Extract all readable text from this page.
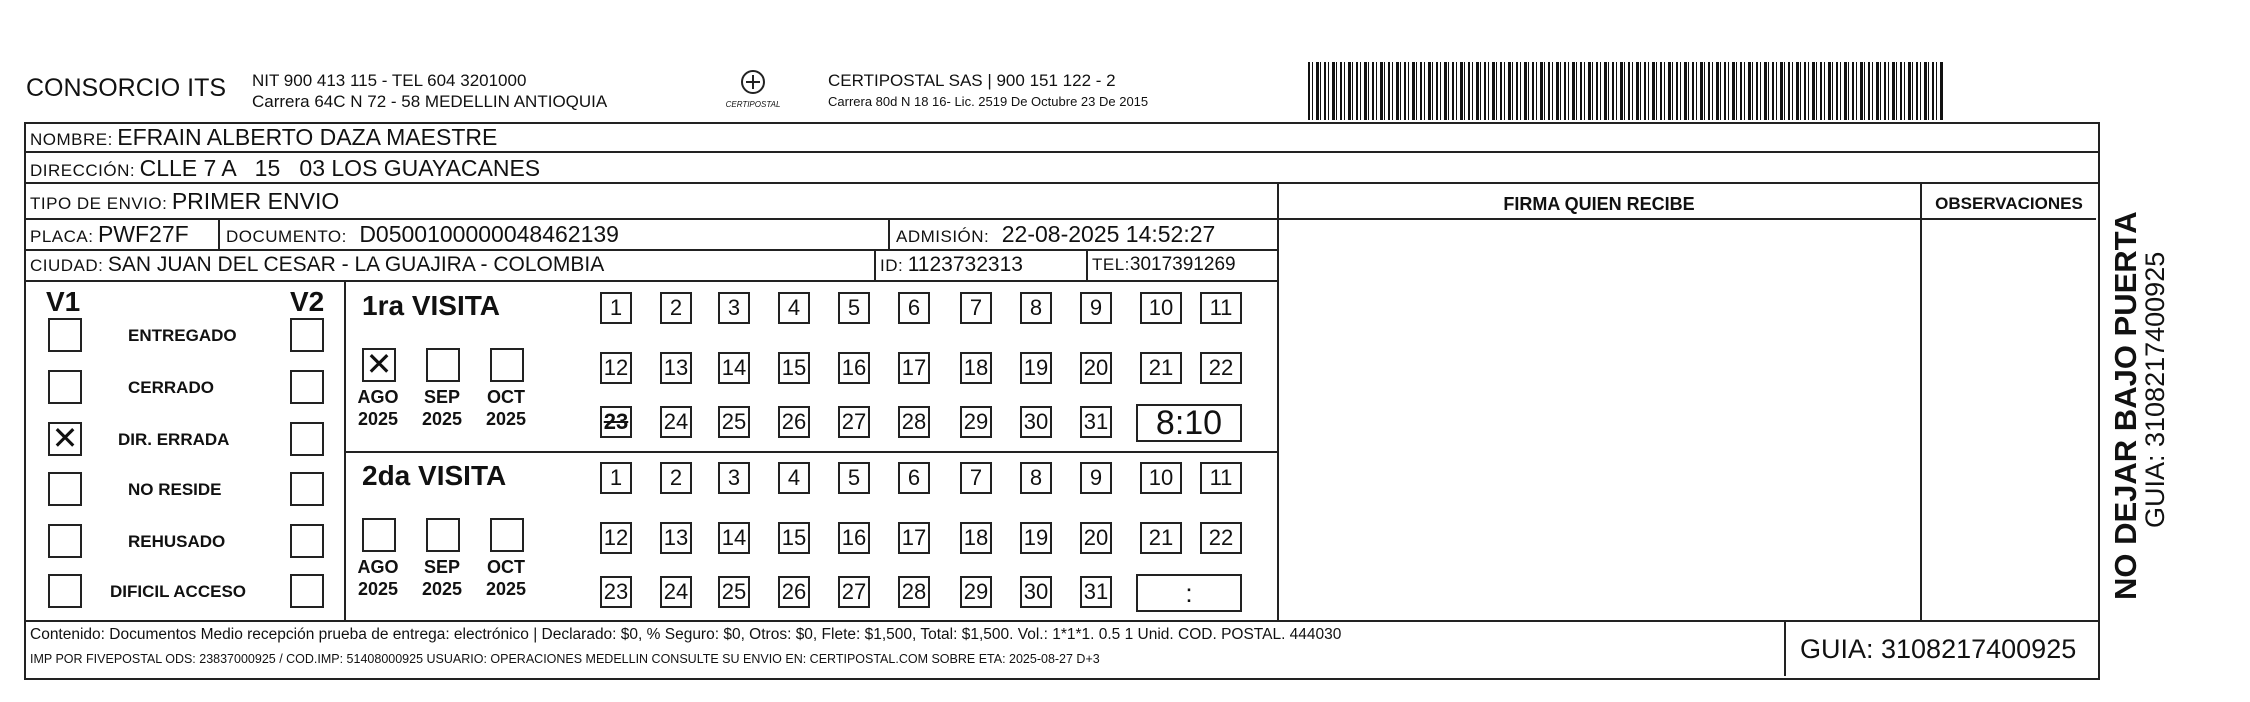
CONSORCIO ITS NIT 900 413 115 - TEL 604 3201000
Carrera 64C N 72 - 58 MEDELLIN ANTIOQUIA	CERTIPOSTAL
CERTIPOSTAL SAS | 900 151 122 - 2
Carrera 80d N 18 16- Lic. 2519 De Octubre 23 De 2015
NOMBRE: EFRAIN ALBERTO DAZA MAESTRE
DIRECCIÓN: CLLE 7 A   15   03 LOS GUAYACANES
TIPO DE ENVIO: PRIMER ENVIO
PLACA: PWF27F DOCUMENTO: D0500100000048462139	ADMISIÓN: 22-08-2025 14:52:27
CIUDAD: SAN JUAN DEL CESAR - LA GUAJIRA - COLOMBIA	ID: 1123732313	TEL:3017391269
FIRMA QUIEN RECIBE	OBSERVACIONES
V1	V2
ENTREGADO
CERRADO
✕ DIR. ERRADA
NO RESIDE
REHUSADO
DIFICIL ACCESO
1ra VISITA
2da VISITA
1	2	3	4	5	6	7	8	9	10	11
12 13 14 15 16 17 18 19 20	21	22
23 24 25 26 27 28 29 30 31	8:10
✕
AGO
2025
SEP
2025
OCT
2025
1	2	3	4	5	6	7	8	9	10	11
12 13 14 15 16 17 18 19 20	21	22
23 24 25 26 27 28 29 30 31	:
AGO
2025
SEP
2025
OCT
2025	NO DEJAR BAJO PUERTA
GUIA: 3108217400925
Contenido: Documentos Medio recepción prueba de entrega: electrónico | Declarado: $0, % Seguro: $0, Otros: $0, Flete: $1,500, Total: $1,500. Vol.: 1*1*1. 0.5 1 Unid. COD. POSTAL. 444030
IMP POR FIVEPOSTAL ODS: 23837000925 / COD.IMP: 51408000925 USUARIO: OPERACIONES MEDELLIN CONSULTE SU ENVIO EN: CERTIPOSTAL.COM SOBRE ETA: 2025-08-27 D+3	GUIA: 3108217400925
